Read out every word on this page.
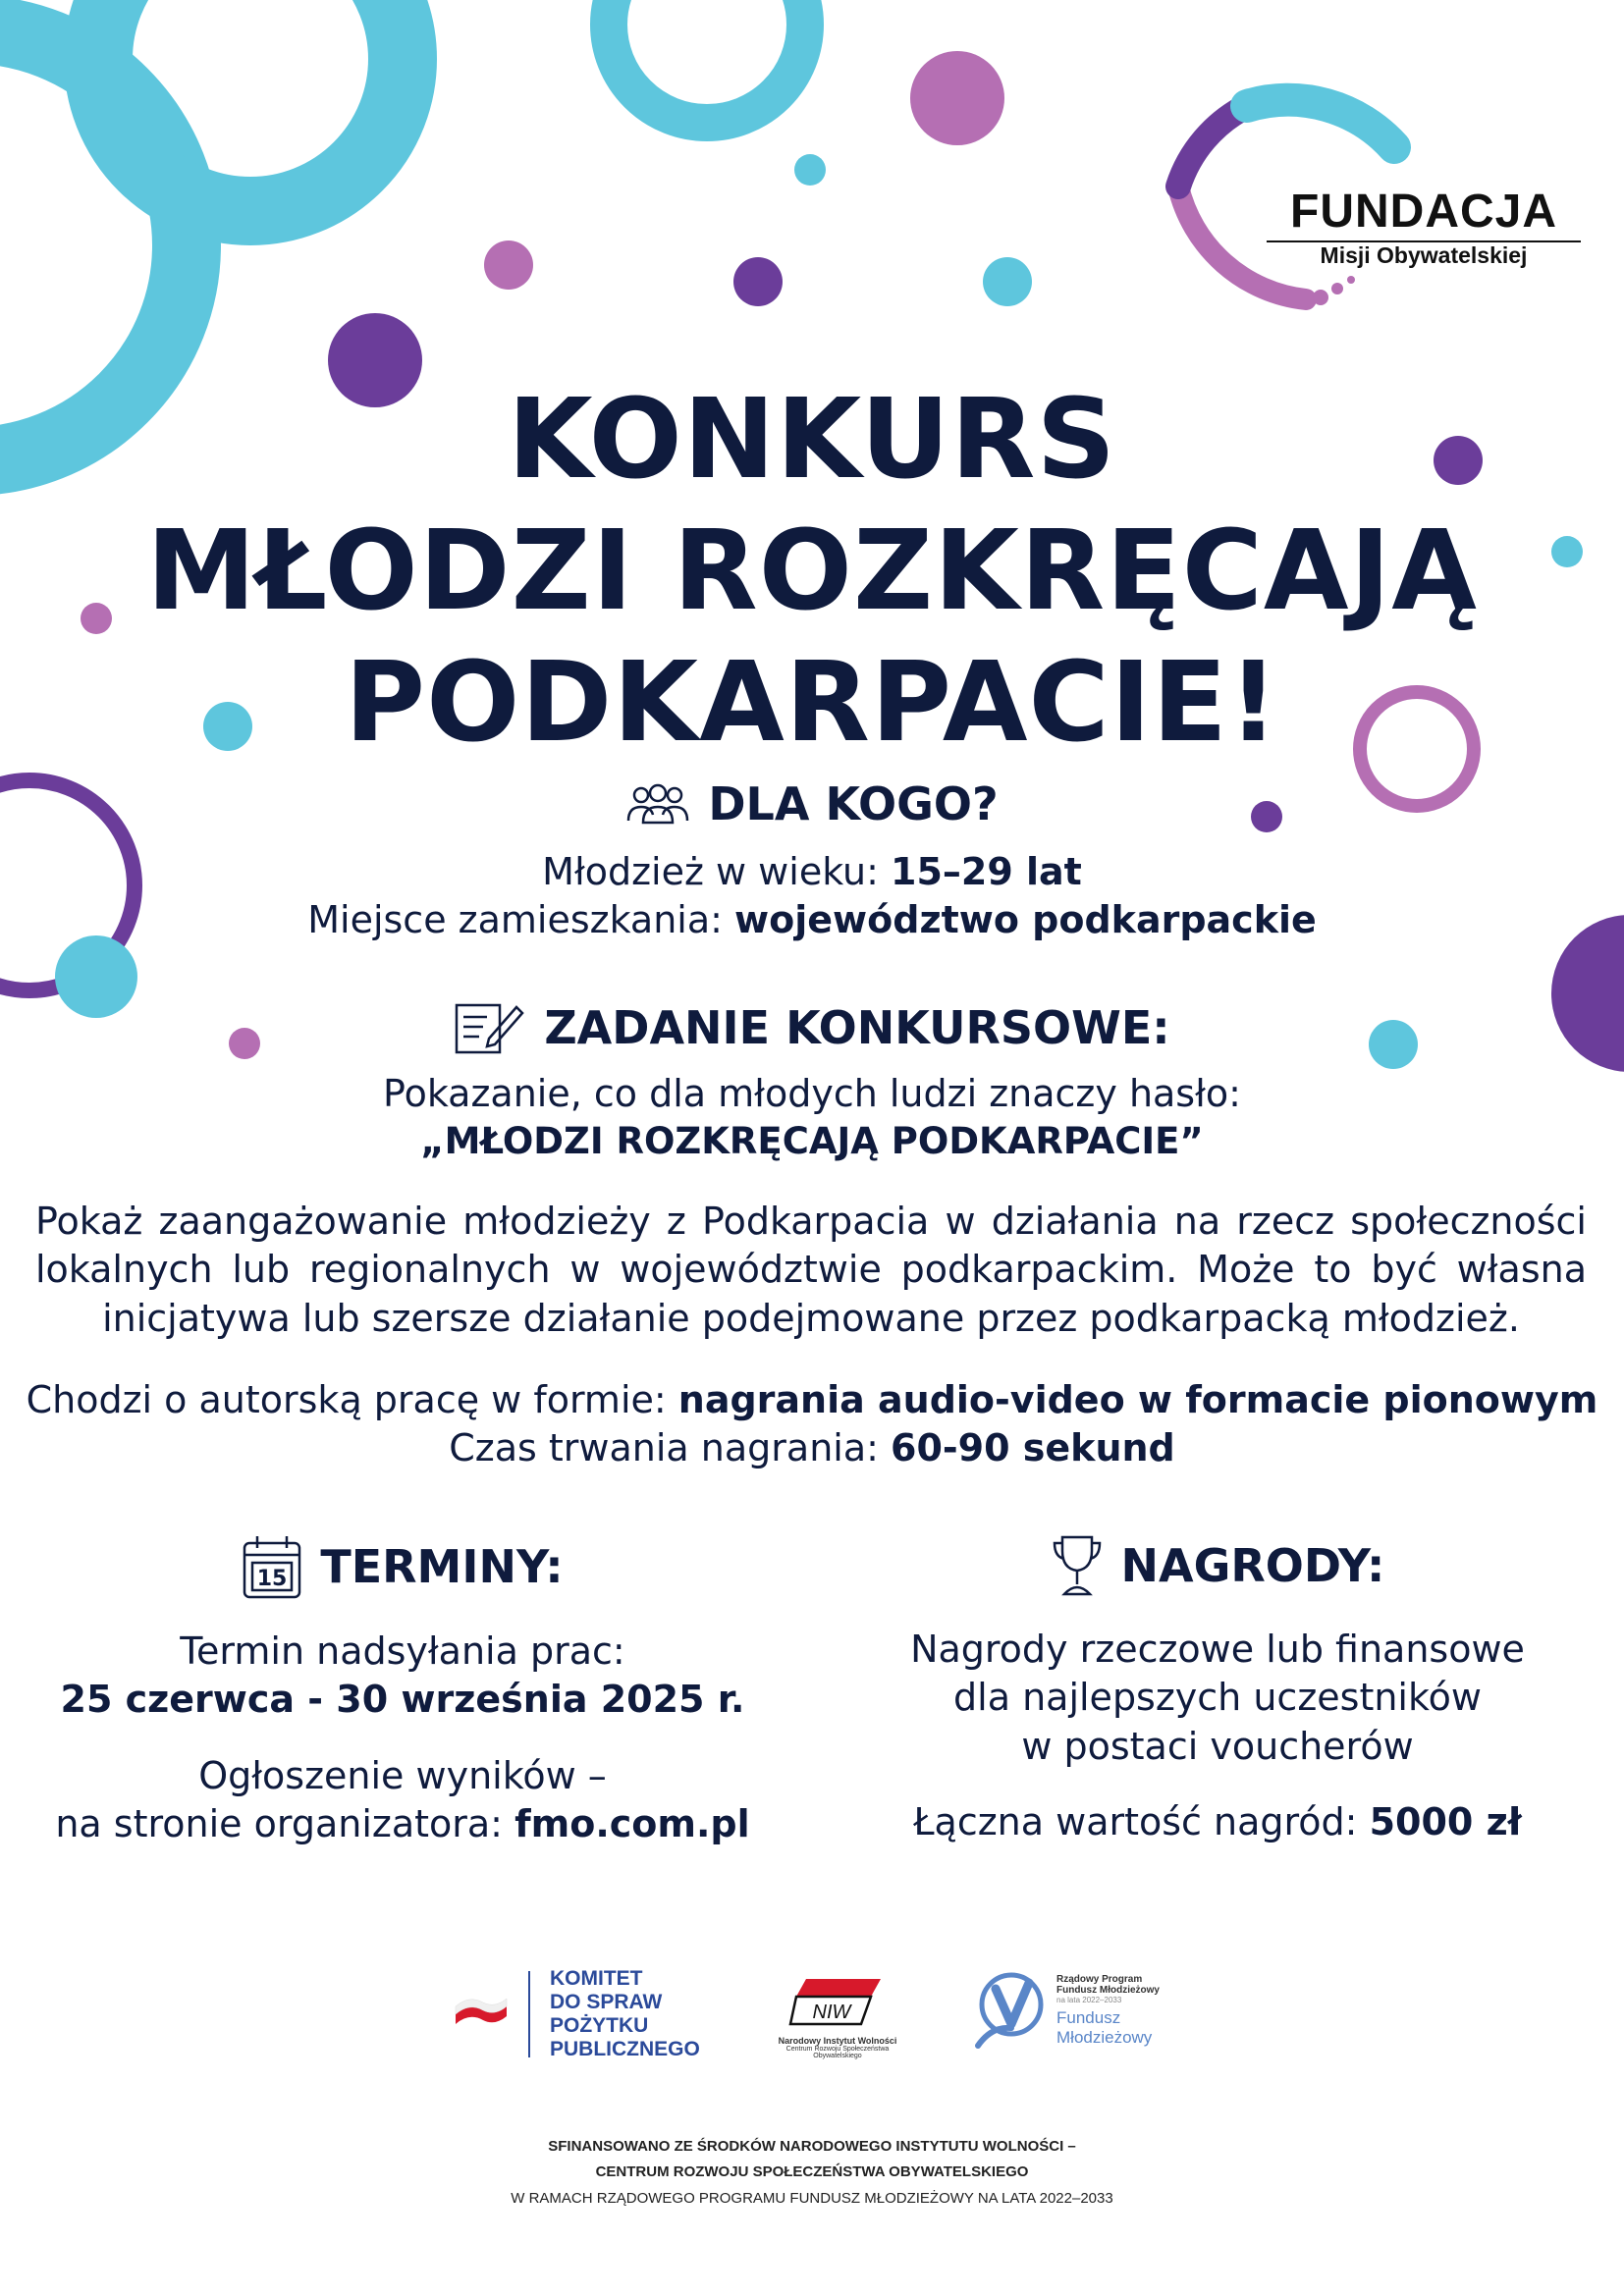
FUNDACJA
Misji Obywatelskiej
KONKURS
MŁODZI ROZKRĘCAJĄ
PODKARPACIE!
DLA KOGO?
Młodzież w wieku: 15–29 lat
Miejsce zamieszkania: województwo podkarpackie
ZADANIE KONKURSOWE:
Pokazanie, co dla młodych ludzi znaczy hasło:
„MŁODZI ROZKRĘCAJĄ PODKARPACIE”
Pokaż zaangażowanie młodzieży z Podkarpacia w działania na rzecz społeczności lokalnych lub regionalnych w województwie podkarpackim. Może to być własna inicjatywa lub szersze działanie podejmowane przez podkarpacką młodzież.
Chodzi o autorską pracę w formie: nagrania audio-video w formacie pionowym
Czas trwania nagrania: 60-90 sekund
15 TERMINY:
Termin nadsyłania prac:
25 czerwca - 30 września 2025 r.
Ogłoszenie wyników –
na stronie organizatora: fmo.com.pl
NAGRODY:
Nagrody rzeczowe lub finansowe
dla najlepszych uczestników
w postaci voucherów
Łączna wartość nagród: 5000 zł
KOMITET
DO SPRAW
POŻYTKU
PUBLICZNEGO
NIW
Narodowy Instytut Wolności
Centrum Rozwoju Społeczeństwa Obywatelskiego
Rządowy Program
Fundusz Młodzieżowy
na lata 2022–2033
Fundusz
Młodzieżowy
SFINANSOWANO ZE ŚRODKÓW NARODOWEGO INSTYTUTU WOLNOŚCI –
CENTRUM ROZWOJU SPOŁECZEŃSTWA OBYWATELSKIEGO
W RAMACH RZĄDOWEGO PROGRAMU FUNDUSZ MŁODZIEŻOWY NA LATA 2022–2033
